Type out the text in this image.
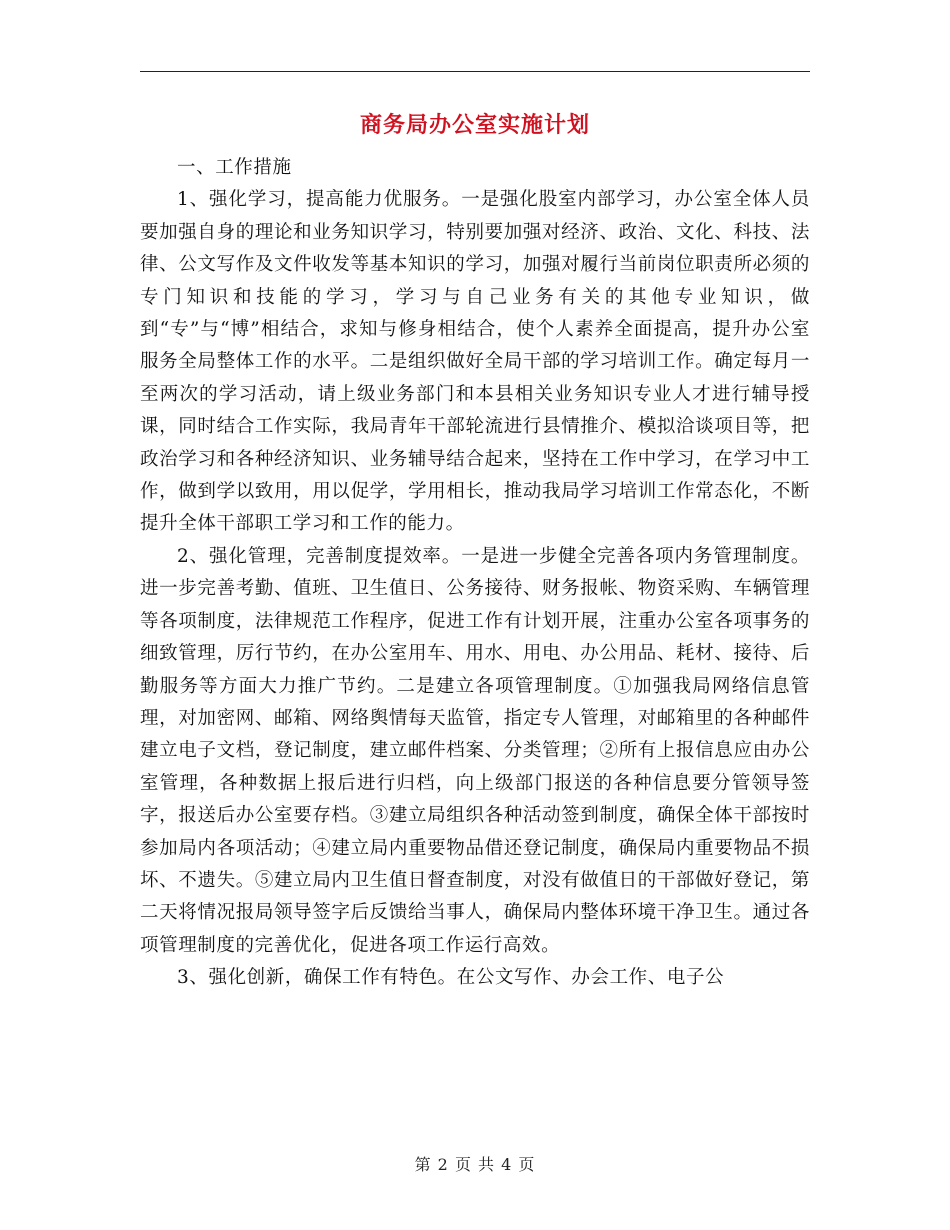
商务局办公室实施计划

一、工作措施

1、强化学习，提高能力优服务。一是强化股室内部学习，办公室全体人员要加强自身的理论和业务知识学习，特别要加强对经济、政治、文化、科技、法律、公文写作及文件收发等基本知识的学习，加强对履行当前岗位职责所必须的专门知识和技能的学习，学习与自己业务有关的其他专业知识，做到“专”与“博”相结合，求知与修身相结合，使个人素养全面提高，提升办公室服务全局整体工作的水平。二是组织做好全局干部的学习培训工作。确定每月一至两次的学习活动，请上级业务部门和本县相关业务知识专业人才进行辅导授课，同时结合工作实际，我局青年干部轮流进行县情推介、模拟洽谈项目等，把政治学习和各种经济知识、业务辅导结合起来，坚持在工作中学习，在学习中工作，做到学以致用，用以促学，学用相长，推动我局学习培训工作常态化，不断提升全体干部职工学习和工作的能力。

2、强化管理，完善制度提效率。一是进一步健全完善各项内务管理制度。进一步完善考勤、值班、卫生值日、公务接待、财务报帐、物资采购、车辆管理等各项制度，法律规范工作程序，促进工作有计划开展，注重办公室各项事务的细致管理，厉行节约，在办公室用车、用水、用电、办公用品、耗材、接待、后勤服务等方面大力推广节约。二是建立各项管理制度。①加强我局网络信息管理，对加密网、邮箱、网络舆情每天监管，指定专人管理，对邮箱里的各种邮件建立电子文档，登记制度，建立邮件档案、分类管理；②所有上报信息应由办公室管理，各种数据上报后进行归档，向上级部门报送的各种信息要分管领导签字，报送后办公室要存档。③建立局组织各种活动签到制度，确保全体干部按时参加局内各项活动；④建立局内重要物品借还登记制度，确保局内重要物品不损坏、不遗失。⑤建立局内卫生值日督查制度，对没有做值日的干部做好登记，第二天将情况报局领导签字后反馈给当事人，确保局内整体环境干净卫生。通过各项管理制度的完善优化，促进各项工作运行高效。

3、强化创新，确保工作有特色。在公文写作、办会工作、电子公

第 2 页 共 4 页
